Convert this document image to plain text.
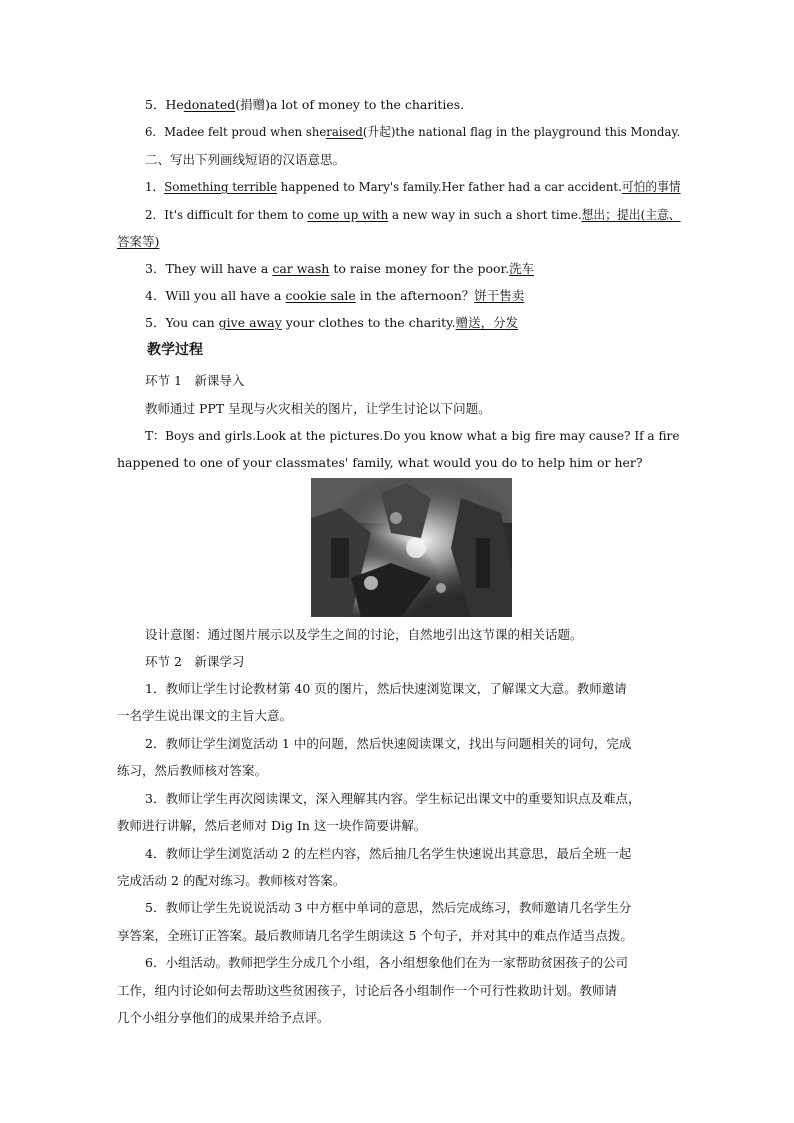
5．Hedonated(捐赠)a lot of money to the charities.
6．Madee felt proud when sheraised(升起)the national flag in the playground this Monday.
二、写出下列画线短语的汉语意思。
1．Something terrible happened to Mary's family.Her father had a car accident.可怕的事情
2．It's difficult for them to come up with a new way in such a short time.想出；提出(主意、
答案等)
3．They will have a car wash to raise money for the poor.洗车
4．Will you all have a cookie sale in the afternoon？饼干售卖
5．You can give away your clothes to the charity.赠送，分发
教学过程
环节 1　新课导入
教师通过 PPT 呈现与火灾相关的图片，让学生讨论以下问题。
T：Boys and girls.Look at the pictures.Do you know what a big fire may cause? If a fire
happened to one of your classmates' family, what would you do to help him or her?
设计意图：通过图片展示以及学生之间的讨论，自然地引出这节课的相关话题。
环节 2　新课学习
1．教师让学生讨论教材第 40 页的图片，然后快速浏览课文，了解课文大意。教师邀请
一名学生说出课文的主旨大意。
2．教师让学生浏览活动 1 中的问题，然后快速阅读课文，找出与问题相关的词句，完成
练习，然后教师核对答案。
3．教师让学生再次阅读课文，深入理解其内容。学生标记出课文中的重要知识点及难点，
教师进行讲解，然后老师对 Dig In 这一块作简要讲解。
4．教师让学生浏览活动 2 的左栏内容，然后抽几名学生快速说出其意思，最后全班一起
完成活动 2 的配对练习。教师核对答案。
5．教师让学生先说说活动 3 中方框中单词的意思，然后完成练习，教师邀请几名学生分
享答案，全班订正答案。最后教师请几名学生朗读这 5 个句子，并对其中的难点作适当点拨。
6．小组活动。教师把学生分成几个小组，各小组想象他们在为一家帮助贫困孩子的公司
工作，组内讨论如何去帮助这些贫困孩子，讨论后各小组制作一个可行性救助计划。教师请
几个小组分享他们的成果并给予点评。
